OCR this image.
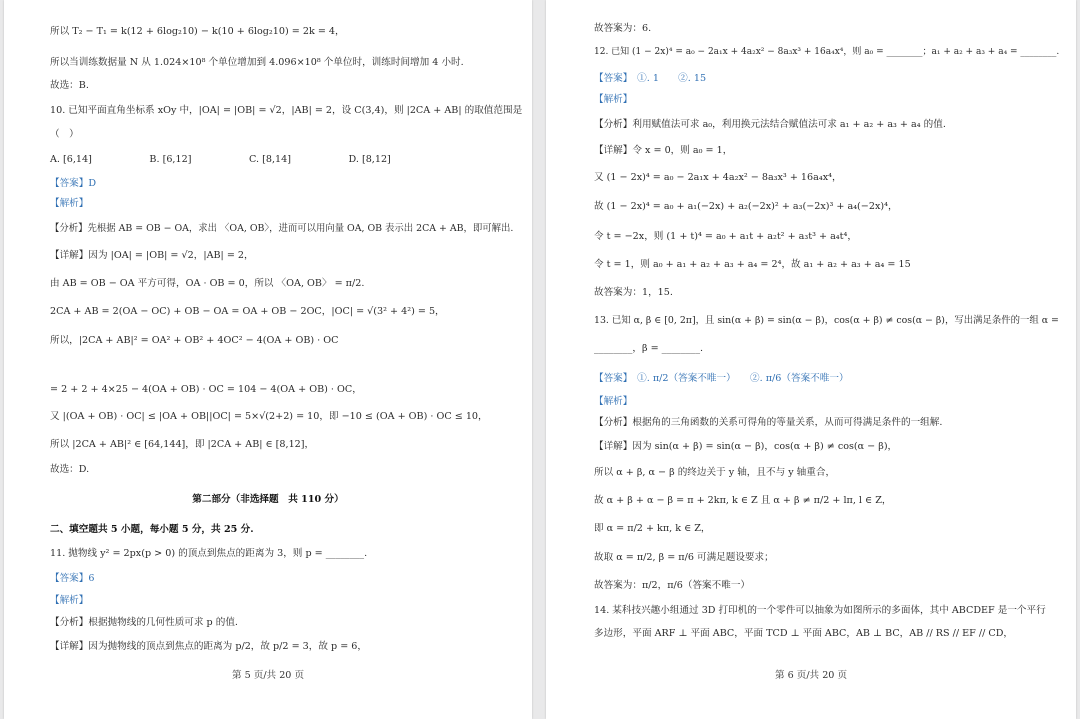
所以 T₂ − T₁ = k(12 + 6log₂10) − k(10 + 6log₂10) = 2k = 4，
所以当训练数据量 N 从 1.024×10⁸ 个单位增加到 4.096×10⁸ 个单位时，训练时间增加 4 小时.
故选：B.
10. 已知平面直角坐标系 xOy 中，|OA| = |OB| = √2，|AB| = 2，设 C(3,4)，则 |2CA + AB| 的取值范围是
（　）
A. [6,14]　　　　　　B. [6,12]　　　　　　C. [8,14]　　　　　　D. [8,12]
【答案】D
【解析】
【分析】先根据 AB = OB − OA，求出 〈OA, OB〉，进而可以用向量 OA, OB 表示出 2CA + AB，即可解出.
【详解】因为 |OA| = |OB| = √2，|AB| = 2，
由 AB = OB − OA 平方可得，OA · OB = 0，所以 〈OA, OB〉 = π/2.
2CA + AB = 2(OA − OC) + OB − OA = OA + OB − 2OC，|OC| = √(3² + 4²) = 5，
所以，|2CA + AB|² = OA² + OB² + 4OC² − 4(OA + OB) · OC
= 2 + 2 + 4×25 − 4(OA + OB) · OC = 104 − 4(OA + OB) · OC，
又 |(OA + OB) · OC| ≤ |OA + OB||OC| = 5×√(2+2) = 10，即 −10 ≤ (OA + OB) · OC ≤ 10，
所以 |2CA + AB|² ∈ [64,144]，即 |2CA + AB| ∈ [8,12]，
故选：D.
第二部分（非选择题　共 110 分）
二、填空题共 5 小题，每小题 5 分，共 25 分.
11. 抛物线 y² = 2px(p > 0) 的顶点到焦点的距离为 3，则 p = ________.
【答案】6
【解析】
【分析】根据抛物线的几何性质可求 p 的值.
【详解】因为抛物线的顶点到焦点的距离为 p/2，故 p/2 = 3，故 p = 6，
第 5 页/共 20 页
故答案为：6.
12. 已知 (1 − 2x)⁴ = a₀ − 2a₁x + 4a₂x² − 8a₃x³ + 16a₄x⁴，则 a₀ = ________；a₁ + a₂ + a₃ + a₄ = ________.
【答案】　①. 1　　②. 15
【解析】
【分析】利用赋值法可求 a₀，利用换元法结合赋值法可求 a₁ + a₂ + a₃ + a₄ 的值.
【详解】令 x = 0，则 a₀ = 1，
又 (1 − 2x)⁴ = a₀ − 2a₁x + 4a₂x² − 8a₃x³ + 16a₄x⁴，
故 (1 − 2x)⁴ = a₀ + a₁(−2x) + a₂(−2x)² + a₃(−2x)³ + a₄(−2x)⁴，
令 t = −2x，则 (1 + t)⁴ = a₀ + a₁t + a₂t² + a₃t³ + a₄t⁴，
令 t = 1，则 a₀ + a₁ + a₂ + a₃ + a₄ = 2⁴，故 a₁ + a₂ + a₃ + a₄ = 15
故答案为：1，15.
13. 已知 α, β ∈ [0, 2π]，且 sin(α + β) = sin(α − β)，cos(α + β) ≠ cos(α − β)，写出满足条件的一组 α =
________，β = ________.
【答案】　①. π/2（答案不唯一）　　②. π/6（答案不唯一）
【解析】
【分析】根据角的三角函数的关系可得角的等量关系，从而可得满足条件的一组解.
【详解】因为 sin(α + β) = sin(α − β)，cos(α + β) ≠ cos(α − β)，
所以 α + β, α − β 的终边关于 y 轴，且不与 y 轴重合，
故 α + β + α − β = π + 2kπ, k ∈ Z 且 α + β ≠ π/2 + lπ, l ∈ Z，
即 α = π/2 + kπ, k ∈ Z，
故取 α = π/2, β = π/6 可满足题设要求；
故答案为：π/2，π/6（答案不唯一）
14. 某科技兴趣小组通过 3D 打印机的一个零件可以抽象为如图所示的多面体，其中 ABCDEF 是一个平行
多边形，平面 ARF ⊥ 平面 ABC，平面 TCD ⊥ 平面 ABC，AB ⊥ BC，AB // RS // EF // CD，
第 6 页/共 20 页
